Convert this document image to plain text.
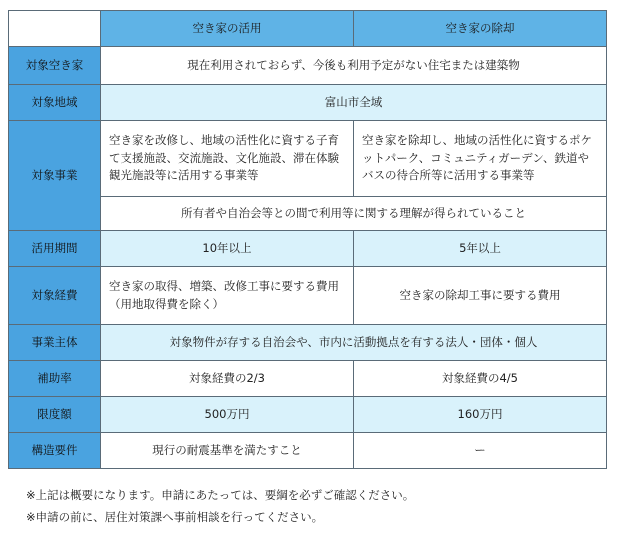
	空き家の活用	空き家の除却
対象空き家	現在利用されておらず、今後も利用予定がない住宅または建築物	
対象地域	富山市全域	
対象事業	空き家を改修し、地域の活性化に資する子育て支援施設、交流施設、文化施設、滞在体験観光施設等に活用する事業等	空き家を除却し、地域の活性化に資するポケットパーク、コミュニティガーデン、鉄道やバスの待合所等に活用する事業等
	所有者や自治会等との間で利用等に関する理解が得られていること	
活用期間	10年以上	5年以上
対象経費	空き家の取得、増築、改修工事に要する費用（用地取得費を除く）	空き家の除却工事に要する費用
事業主体	対象物件が存する自治会や、市内に活動拠点を有する法人・団体・個人	
補助率	対象経費の2/3	対象経費の4/5
限度額	500万円	160万円
構造要件	現行の耐震基準を満たすこと	ー
※上記は概要になります。申請にあたっては、要綱を必ずご確認ください。
※申請の前に、居住対策課へ事前相談を行ってください。
